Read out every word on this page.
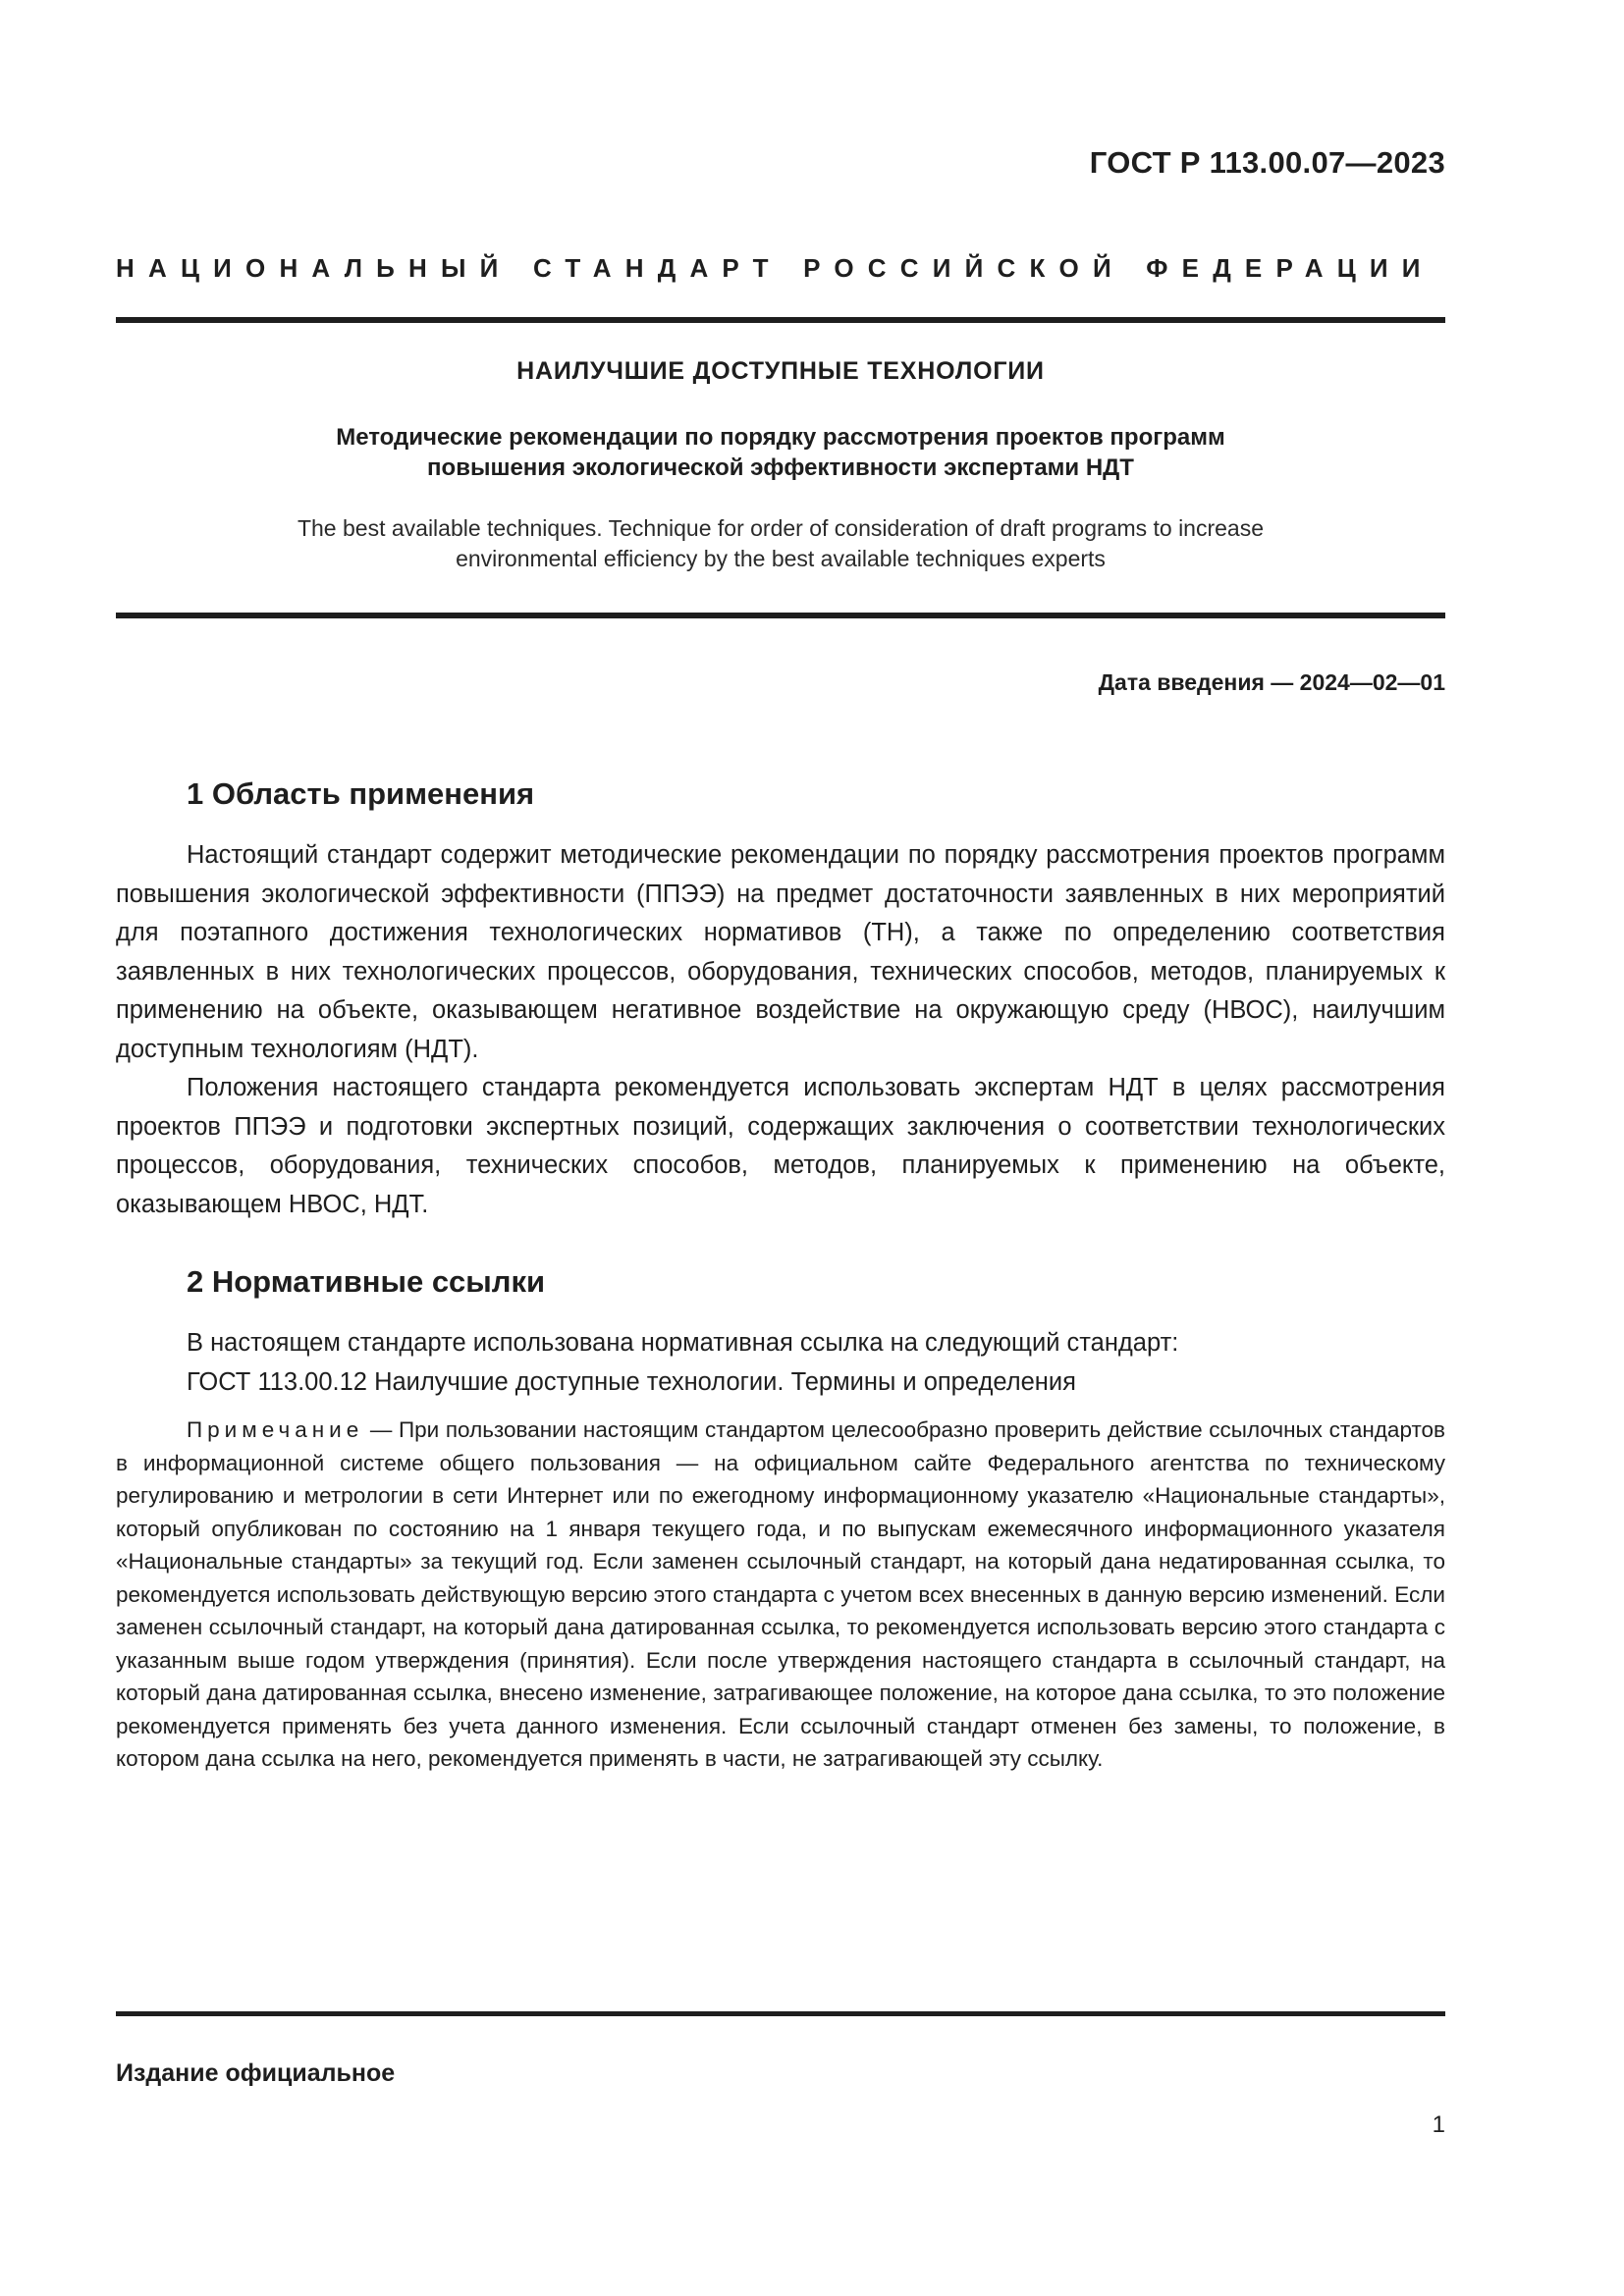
ГОСТ Р 113.00.07—2023
НАЦИОНАЛЬНЫЙ СТАНДАРТ РОССИЙСКОЙ ФЕДЕРАЦИИ
НАИЛУЧШИЕ ДОСТУПНЫЕ ТЕХНОЛОГИИ
Методические рекомендации по порядку рассмотрения проектов программ
повышения экологической эффективности экспертами НДТ
The best available techniques. Technique for order of consideration of draft programs to increase
environmental efficiency by the best available techniques experts
Дата введения — 2024—02—01
1 Область применения

Настоящий стандарт содержит методические рекомендации по порядку рассмотрения проектов программ повышения экологической эффективности (ППЭЭ) на предмет достаточности заявленных в них мероприятий для поэтапного достижения технологических нормативов (ТН), а также по определению соответствия заявленных в них технологических процессов, оборудования, технических способов, методов, планируемых к применению на объекте, оказывающем негативное воздействие на окружающую среду (НВОС), наилучшим доступным технологиям (НДТ).

Положения настоящего стандарта рекомендуется использовать экспертам НДТ в целях рассмотрения проектов ППЭЭ и подготовки экспертных позиций, содержащих заключения о соответствии технологических процессов, оборудования, технических способов, методов, планируемых к применению на объекте, оказывающем НВОС, НДТ.

2 Нормативные ссылки

В настоящем стандарте использована нормативная ссылка на следующий стандарт:

ГОСТ 113.00.12 Наилучшие доступные технологии. Термины и определения

Примечание — При пользовании настоящим стандартом целесообразно проверить действие ссылочных стандартов в информационной системе общего пользования — на официальном сайте Федерального агентства по техническому регулированию и метрологии в сети Интернет или по ежегодному информационному указателю «Национальные стандарты», который опубликован по состоянию на 1 января текущего года, и по выпускам ежемесячного информационного указателя «Национальные стандарты» за текущий год. Если заменен ссылочный стандарт, на который дана недатированная ссылка, то рекомендуется использовать действующую версию этого стандарта с учетом всех внесенных в данную версию изменений. Если заменен ссылочный стандарт, на который дана датированная ссылка, то рекомендуется использовать версию этого стандарта с указанным выше годом утверждения (принятия). Если после утверждения настоящего стандарта в ссылочный стандарт, на который дана датированная ссылка, внесено изменение, затрагивающее положение, на которое дана ссылка, то это положение рекомендуется применять без учета данного изменения. Если ссылочный стандарт отменен без замены, то положение, в котором дана ссылка на него, рекомендуется применять в части, не затрагивающей эту ссылку.

Издание официальное
1
